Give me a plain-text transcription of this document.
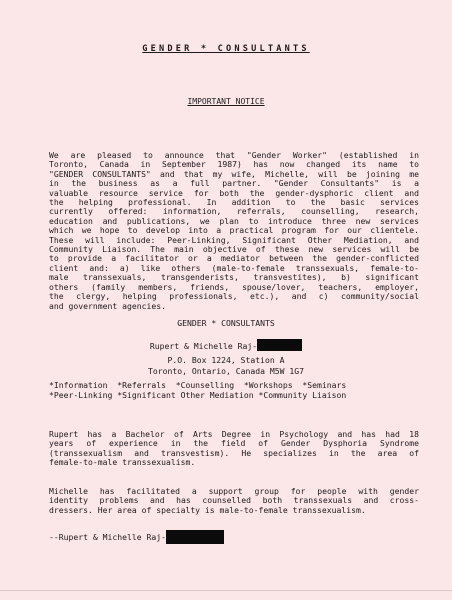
GENDER * CONSULTANTS
IMPORTANT NOTICE
We are pleased to announce that "Gender Worker" (established in
Toronto, Canada in September 1987) has now changed its name to
"GENDER CONSULTANTS" and that my wife, Michelle, will be joining me
in the business as a full partner. "Gender Consultants" is a
valuable resource service for both the gender-dysphoric client and
the helping professional. In addition to the basic services
currently offered: information, referrals, counselling, research,
education and publications, we plan to introduce three new services
which we hope to develop into a practical program for our clientele.
These will include: Peer-Linking, Significant Other Mediation, and
Community Liaison. The main objective of these new services will be
to provide a facilitator or a mediator between the gender-conflicted
client and: a) like others (male-to-female transsexuals, female-to-
male transsexuals, transgenderists, transvestites), b) significant
others (family members, friends, spouse/lover, teachers, employer,
the clergy, helping professionals, etc.), and c) community/social
and government agencies.
GENDER * CONSULTANTS
Rupert & Michelle Raj-
P.O. Box 1224, Station A
Toronto, Ontario, Canada M5W 1G7
*Information  *Referrals  *Counselling  *Workshops  *Seminars
*Peer-Linking *Significant Other Mediation *Community Liaison
Rupert has a Bachelor of Arts Degree in Psychology and has had 18
years of experience in the field of Gender Dysphoria Syndrome
(transsexualism and transvestism). He specializes in the area of
female-to-male transsexualism.
Michelle has facilitated a support group for people with gender
identity problems and has counselled both transsexuals and cross-
dressers. Her area of specialty is male-to-female transsexualism.
--Rupert & Michelle Raj-
